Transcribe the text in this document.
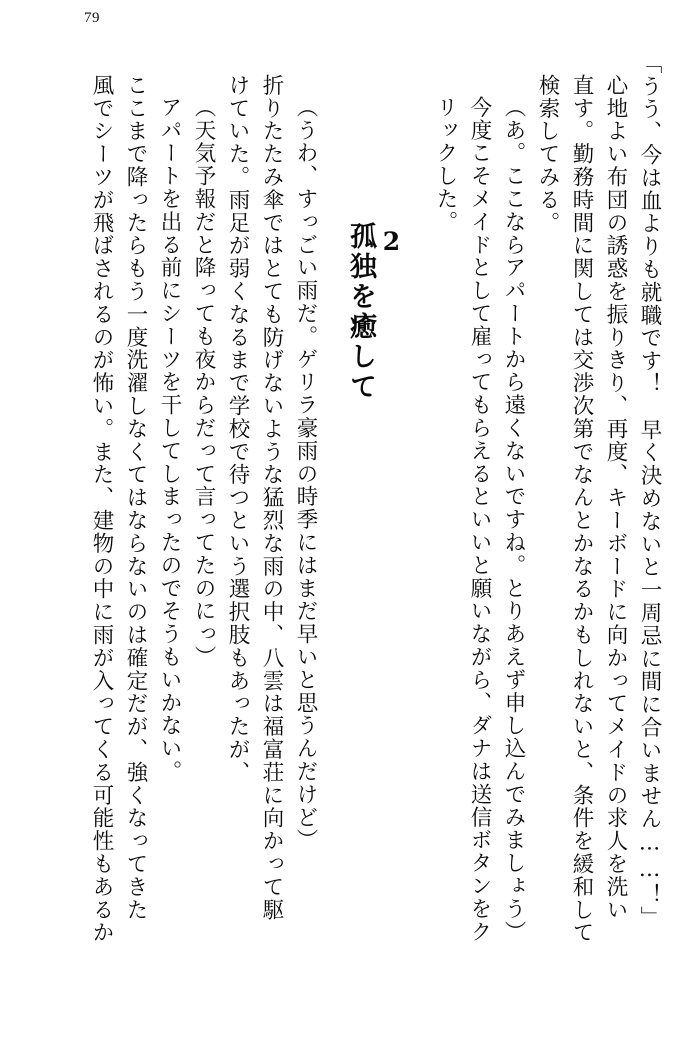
79
「うう、今は血よりも就職です！　早く決めないと一周忌に間に合いません……！」
心地よい布団の誘惑を振りきり、再度、キーボードに向かってメイドの求人を洗い
直す。勤務時間に関しては交渉次第でなんとかなるかもしれないと、条件を緩和して
検索してみる。
（あ。ここならアパートから遠くないですね。とりあえず申し込んでみましょう）
今度こそメイドとして雇ってもらえるといいと願いながら、ダナは送信ボタンをク
リックした。
2
孤独を癒して
（うわ、すっごい雨だ。ゲリラ豪雨の時季にはまだ早いと思うんだけど）
折りたたみ傘ではとても防げないような猛烈な雨の中、八雲は福富荘に向かって駆
けていた。雨足が弱くなるまで学校で待つという選択肢もあったが、
（天気予報だと降っても夜からだって言ってたのにっ）
アパートを出る前にシーツを干してしまったのでそうもいかない。
ここまで降ったらもう一度洗濯しなくてはならないのは確定だが、強くなってきた
風でシーツが飛ばされるのが怖い。また、建物の中に雨が入ってくる可能性もあるか
